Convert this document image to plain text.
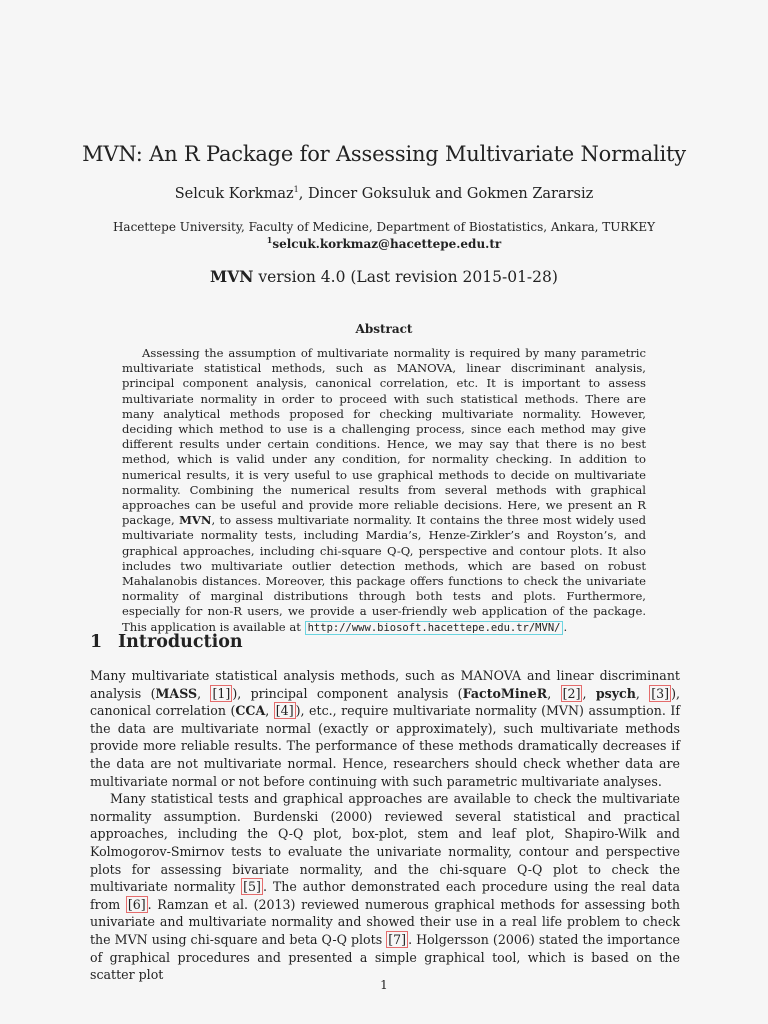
MVN: An R Package for Assessing Multivariate Normality
Selcuk Korkmaz$^1$, Dincer Goksuluk and Gokmen Zararsiz
Hacettepe University, Faculty of Medicine, Department of Biostatistics, Ankara, TURKEY
$^1$selcuk.korkmaz@hacettepe.edu.tr
MVN version 4.0 (Last revision 2015-01-28)
Abstract

Assessing the assumption of multivariate normality is required by many parametric multivariate statistical methods, such as MANOVA, linear discriminant analysis, principal component analysis, canonical correlation, etc. It is important to assess multivariate normality in order to proceed with such statistical methods. There are many analytical methods proposed for checking multivariate normality. However, deciding which method to use is a challenging process, since each method may give different results under certain conditions. Hence, we may say that there is no best method, which is valid under any condition, for normality checking. In addition to numerical results, it is very useful to use graphical methods to decide on multivariate normality. Combining the numerical results from several methods with graphical approaches can be useful and provide more reliable decisions. Here, we present an R package, MVN, to assess multivariate normality. It contains the three most widely used multivariate normality tests, including Mardia’s, Henze-Zirkler’s and Royston’s, and graphical approaches, including chi-square Q-Q, perspective and contour plots. It also includes two multivariate outlier detection methods, which are based on robust Mahalanobis distances. Moreover, this package offers functions to check the univariate normality of marginal distributions through both tests and plots. Furthermore, especially for non-R users, we provide a user-friendly web application of the package. This application is available at http://www.biosoft.hacettepe.edu.tr/MVN/ .

1 Introduction

Many multivariate statistical analysis methods, such as MANOVA and linear discriminant analysis (MASS, [1] ), principal component analysis (FactoMineR, [2] , psych, [3] ), canonical correlation (CCA, [4] ), etc., require multivariate normality (MVN) assumption. If the data are multivariate normal (exactly or approximately), such multivariate methods provide more reliable results. The performance of these methods dramatically decreases if the data are not multivariate normal. Hence, researchers should check whether data are multivariate normal or not before continuing with such parametric multivariate analyses.

Many statistical tests and graphical approaches are available to check the multivariate normality assumption. Burdenski (2000) reviewed several statistical and practical approaches, including the Q-Q plot, box-plot, stem and leaf plot, Shapiro-Wilk and Kolmogorov-Smirnov tests to evaluate the univariate normality, contour and perspective plots for assessing bivariate normality, and the chi-square Q-Q plot to check the multivariate normality [5] . The author demonstrated each procedure using the real data from [6] . Ramzan et al. (2013) reviewed numerous graphical methods for assessing both univariate and multivariate normality and showed their use in a real life problem to check the MVN using chi-square and beta Q-Q plots [7] . Holgersson (2006) stated the importance of graphical procedures and presented a simple graphical tool, which is based on the scatter plot

1
